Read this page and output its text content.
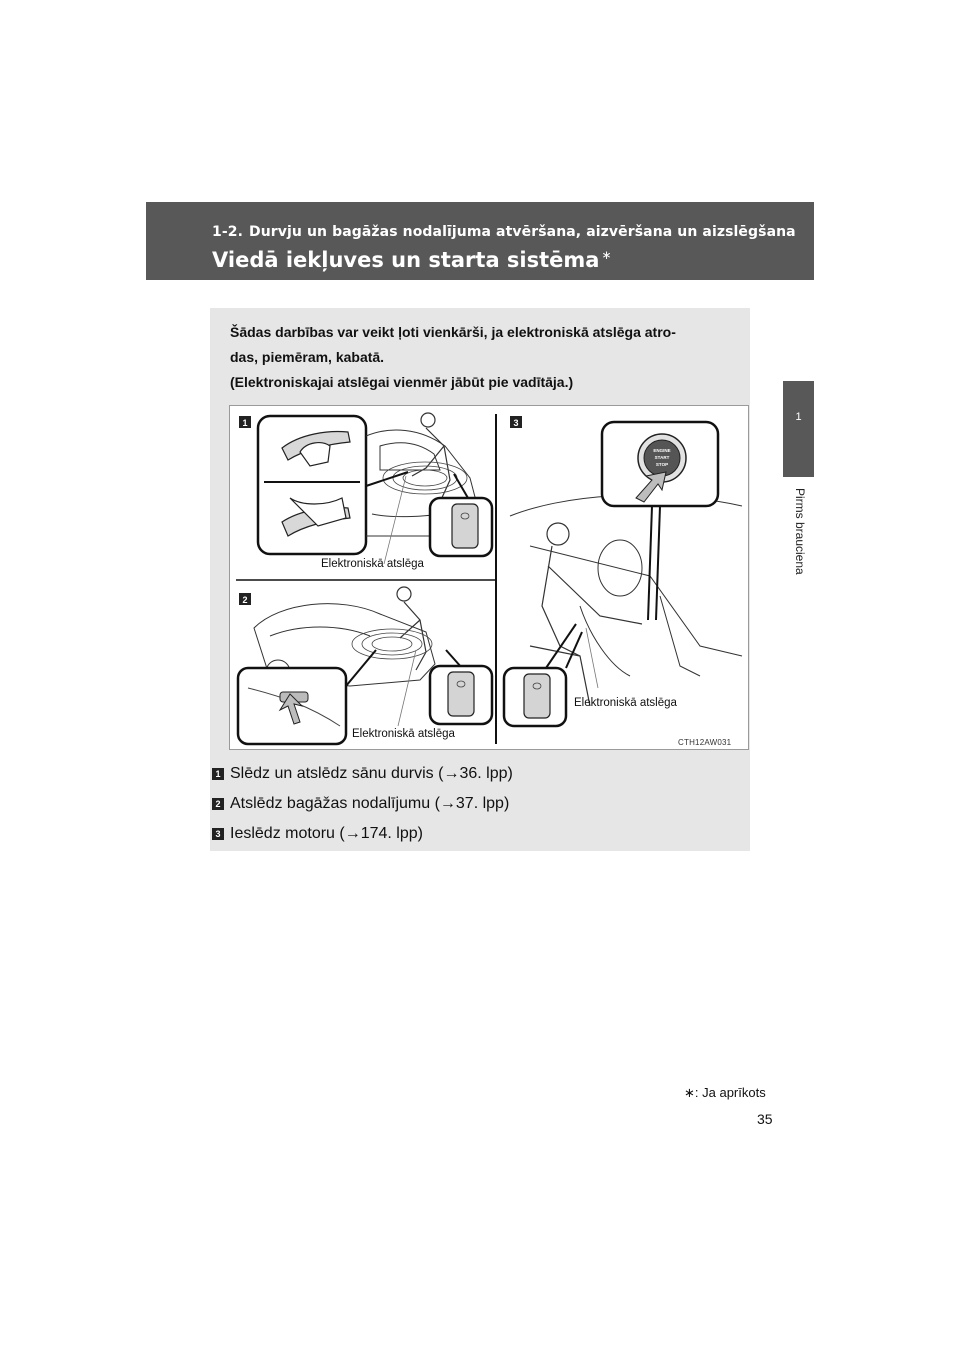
1-2. Durvju un bagāžas nodalījuma atvēršana, aizvēršana un aizslēgšana
Viedā iekļuves un starta sistēma ∗
1
Pirms brauciena

Šādas darbības var veikt ļoti vienkārši, ja elektroniskā atslēga atro-

das, piemēram, kabatā.

(Elektroniskajai atslēgai vienmēr jābūt pie vadītāja.)

1
2
3
ENGINE
START
STOP
Elektroniskā atslēga
Elektroniskā atslēga
Elektroniskā atslēga
CTH12AW031
1 Slēdz un atslēdz sānu durvis (→36. lpp)
2 Atslēdz bagāžas nodalījumu (→37. lpp)
3 Ieslēdz motoru (→174. lpp)
∗: Ja aprīkots
35
